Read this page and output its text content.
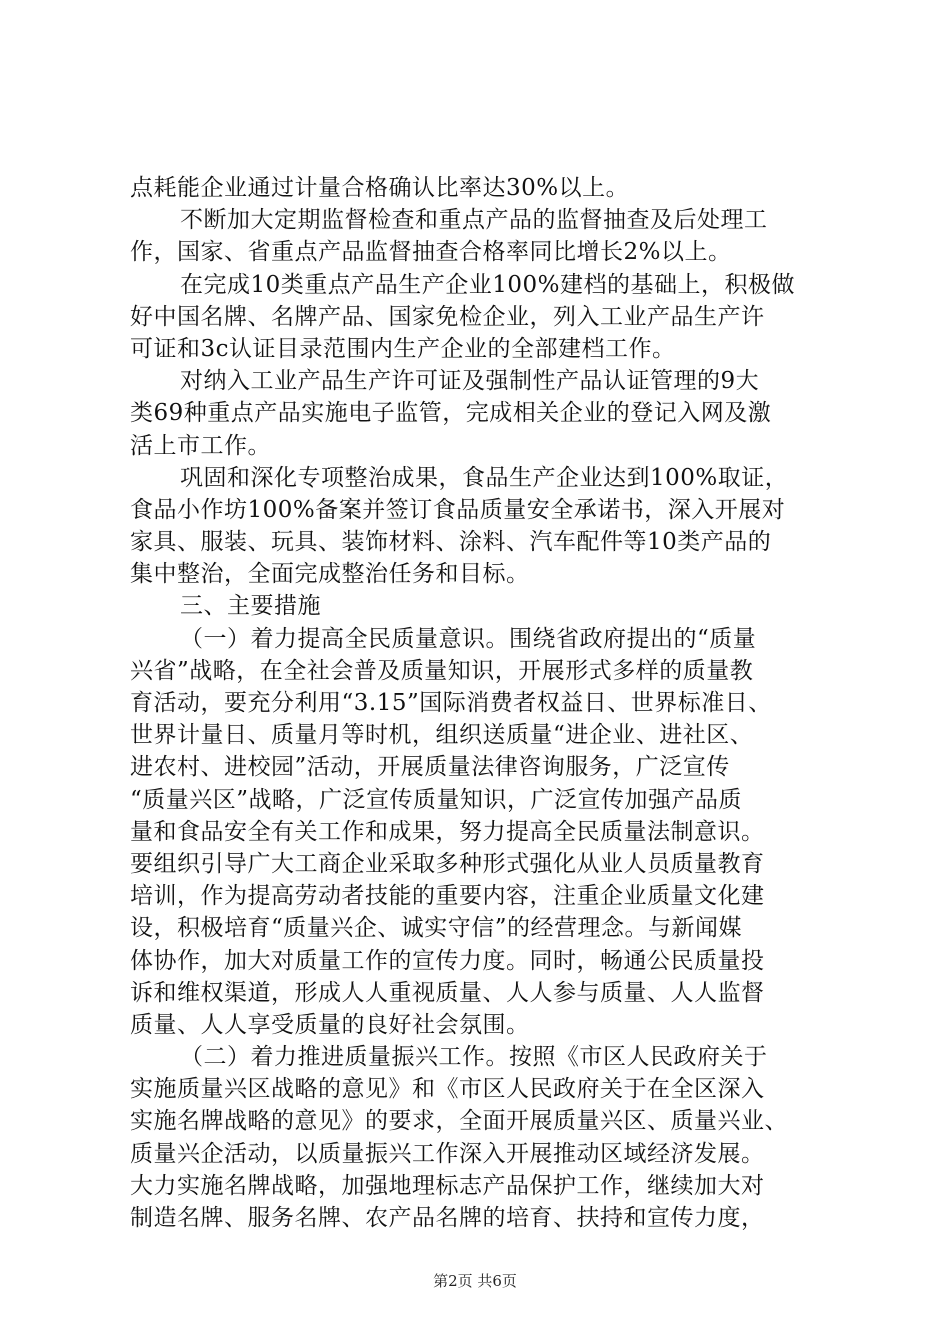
点耗能企业通过计量合格确认比率达30%以上。
不断加大定期监督检查和重点产品的监督抽查及后处理工
作，国家、省重点产品监督抽查合格率同比增长2%以上。
在完成10类重点产品生产企业100%建档的基础上，积极做
好中国名牌、名牌产品、国家免检企业，列入工业产品生产许
可证和3c认证目录范围内生产企业的全部建档工作。
对纳入工业产品生产许可证及强制性产品认证管理的9大
类69种重点产品实施电子监管，完成相关企业的登记入网及激
活上市工作。
巩固和深化专项整治成果，食品生产企业达到100%取证，
食品小作坊100%备案并签订食品质量安全承诺书，深入开展对
家具、服装、玩具、装饰材料、涂料、汽车配件等10类产品的
集中整治，全面完成整治任务和目标。
三、主要措施
（一）着力提高全民质量意识。围绕省政府提出的“质量
兴省”战略，在全社会普及质量知识，开展形式多样的质量教
育活动，要充分利用“3.15”国际消费者权益日、世界标准日、
世界计量日、质量月等时机，组织送质量“进企业、进社区、
进农村、进校园”活动，开展质量法律咨询服务，广泛宣传
“质量兴区”战略，广泛宣传质量知识，广泛宣传加强产品质
量和食品安全有关工作和成果，努力提高全民质量法制意识。
要组织引导广大工商企业采取多种形式强化从业人员质量教育
培训，作为提高劳动者技能的重要内容，注重企业质量文化建
设，积极培育“质量兴企、诚实守信”的经营理念。与新闻媒
体协作，加大对质量工作的宣传力度。同时，畅通公民质量投
诉和维权渠道，形成人人重视质量、人人参与质量、人人监督
质量、人人享受质量的良好社会氛围。
（二）着力推进质量振兴工作。按照《市区人民政府关于
实施质量兴区战略的意见》和《市区人民政府关于在全区深入
实施名牌战略的意见》的要求，全面开展质量兴区、质量兴业、
质量兴企活动，以质量振兴工作深入开展推动区域经济发展。
大力实施名牌战略，加强地理标志产品保护工作，继续加大对
制造名牌、服务名牌、农产品名牌的培育、扶持和宣传力度，
第2页 共6页
